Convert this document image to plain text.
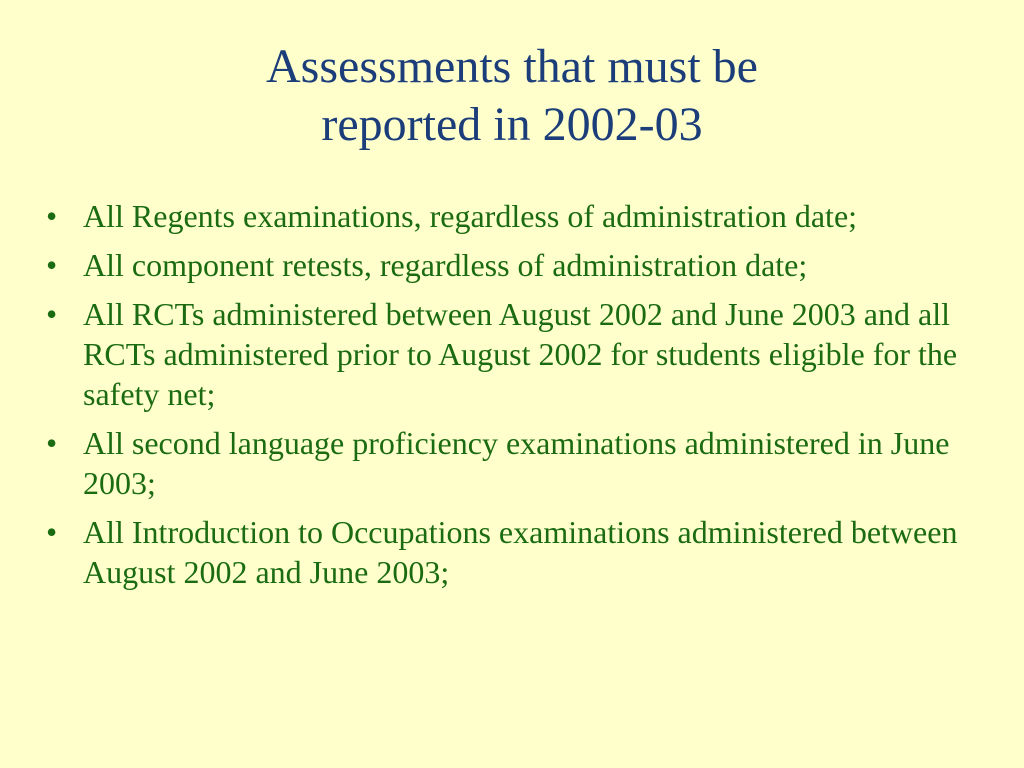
Assessments that must be
reported in 2002-03
• All Regents examinations, regardless of administration date;
• All component retests, regardless of administration date;
• All RCTs administered between August 2002 and June 2003 and all RCTs administered prior to August 2002 for students eligible for the safety net;
• All second language proficiency examinations administered in June 2003;
• All Introduction to Occupations examinations administered between August 2002 and June 2003;
